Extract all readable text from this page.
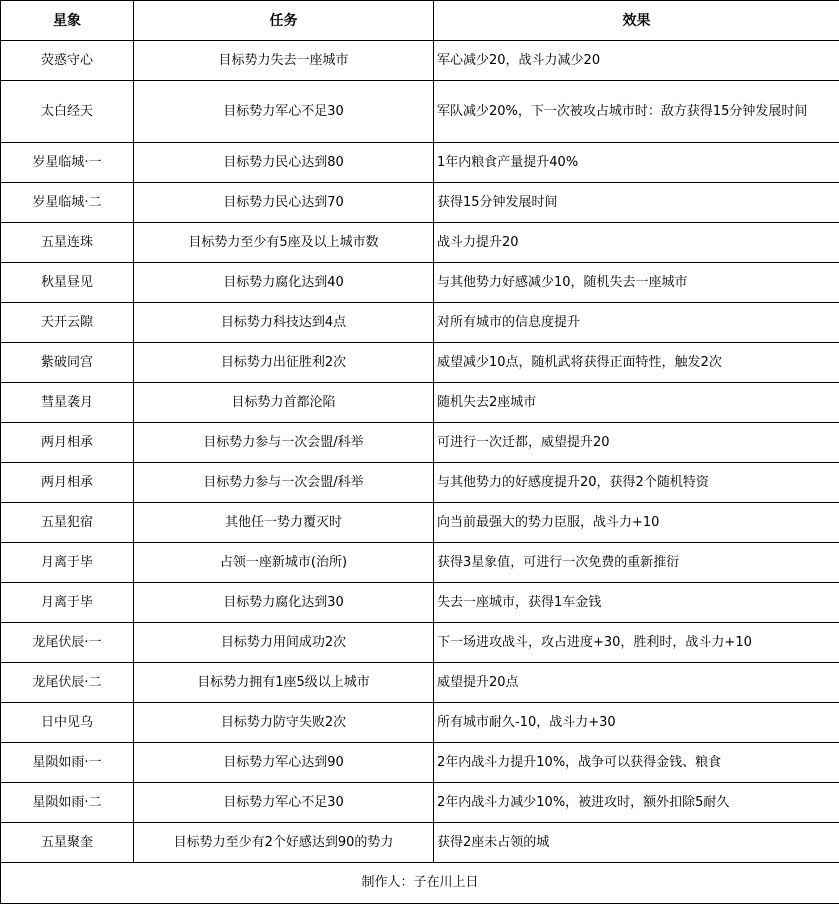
星象	任务	效果
荧惑守心	目标势力失去一座城市	军心减少20，战斗力减少20
太白经天	目标势力军心不足30	军队减少20%，下一次被攻占城市时：敌方获得15分钟发展时间
岁星临城·一	目标势力民心达到80	1年内粮食产量提升40%
岁星临城·二	目标势力民心达到70	获得15分钟发展时间
五星连珠	目标势力至少有5座及以上城市数	战斗力提升20
秋星昼见	目标势力腐化达到40	与其他势力好感减少10，随机失去一座城市
天开云隙	目标势力科技达到4点	对所有城市的信息度提升
紫破同宫	目标势力出征胜利2次	威望减少10点，随机武将获得正面特性，触发2次
彗星袭月	目标势力首都沦陷	随机失去2座城市
两月相承	目标势力参与一次会盟/科举	可进行一次迁都，威望提升20
两月相承	目标势力参与一次会盟/科举	与其他势力的好感度提升20，获得2个随机特资
五星犯宿	其他任一势力覆灭时	向当前最强大的势力臣服，战斗力+10
月离于毕	占领一座新城市(治所)	获得3星象值，可进行一次免费的重新推衍
月离于毕	目标势力腐化达到30	失去一座城市，获得1车金钱
龙尾伏辰·一	目标势力用间成功2次	下一场进攻战斗，攻占进度+30，胜利时，战斗力+10
龙尾伏辰·二	目标势力拥有1座5级以上城市	威望提升20点
日中见乌	目标势力防守失败2次	所有城市耐久-10，战斗力+30
星陨如雨·一	目标势力军心达到90	2年内战斗力提升10%，战争可以获得金钱、粮食
星陨如雨·二	目标势力军心不足30	2年内战斗力减少10%，被进攻时，额外扣除5耐久
五星聚奎	目标势力至少有2个好感达到90的势力	获得2座未占领的城
制作人：子在川上日		
